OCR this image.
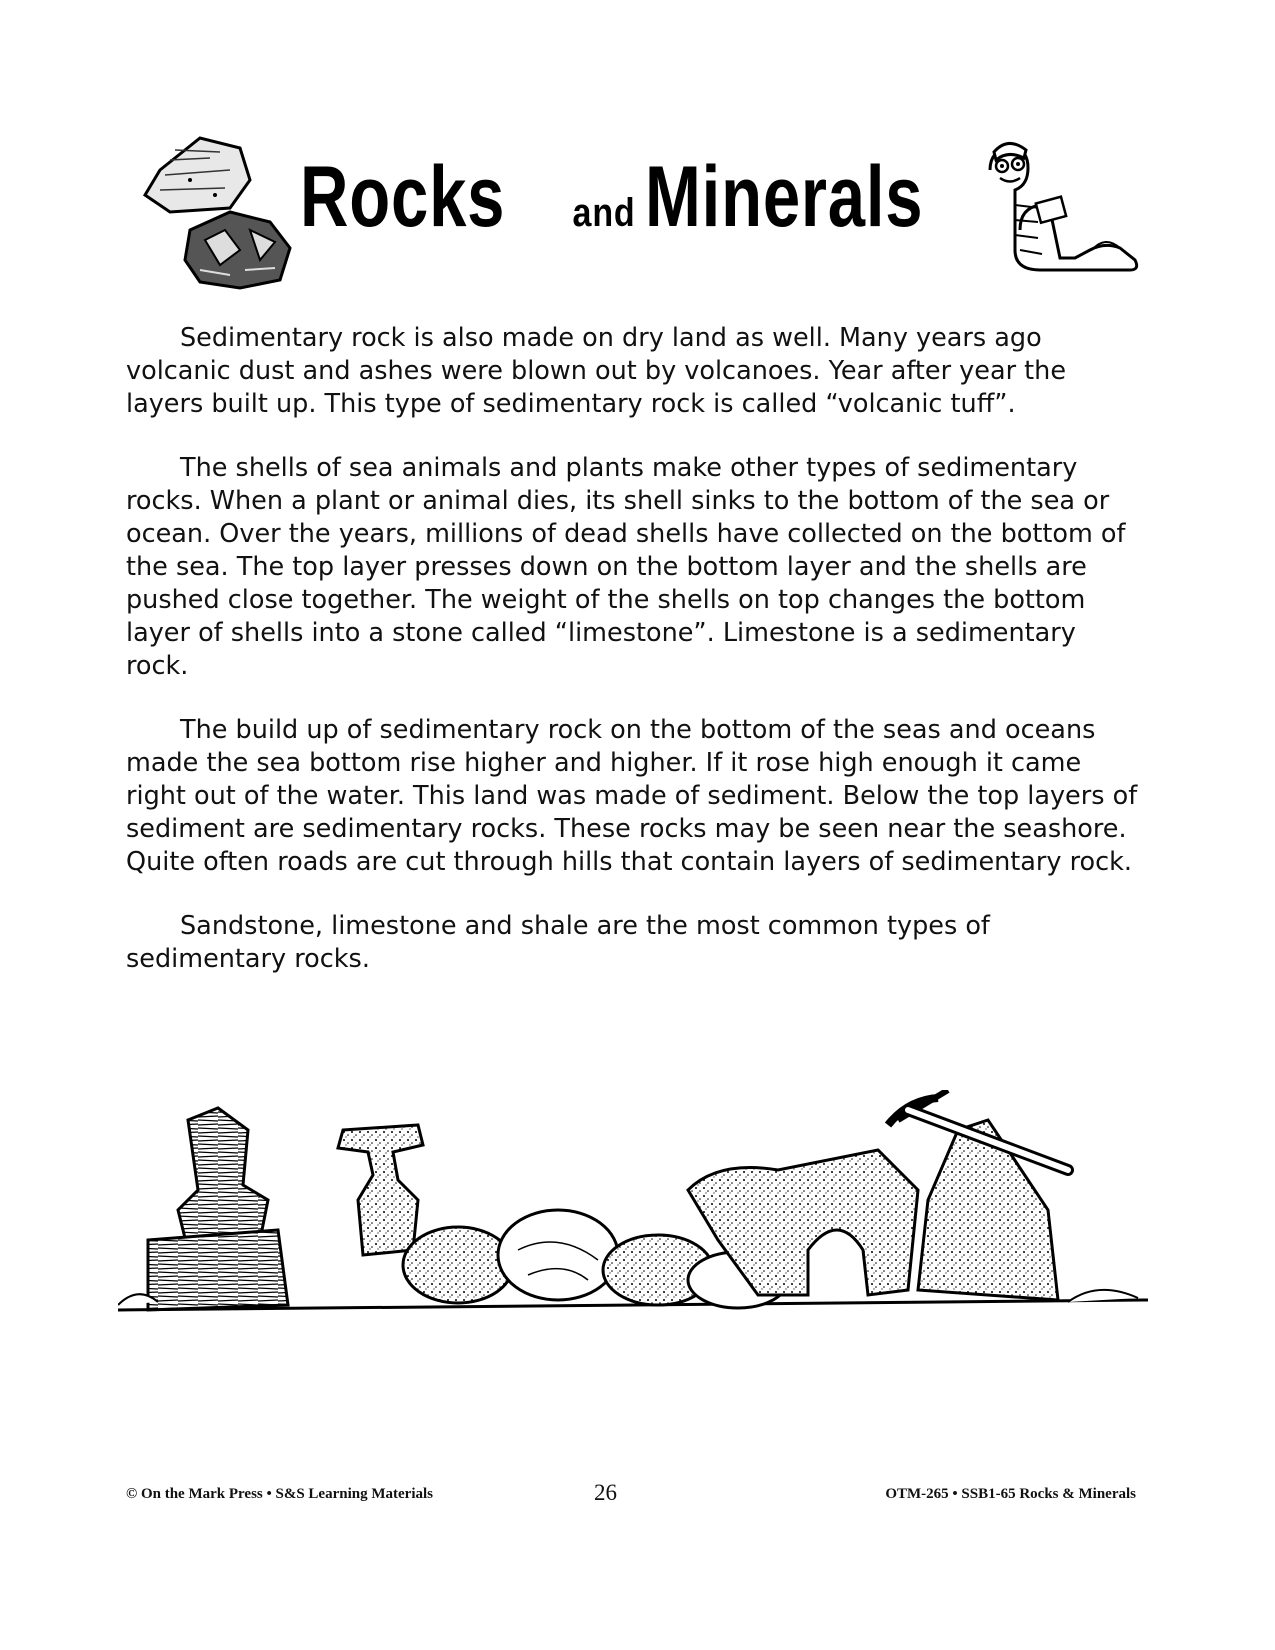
Rocks and Minerals

Sedimentary rock is also made on dry land as well. Many years ago volcanic dust and ashes were blown out by volcanoes. Year after year the layers built up. This type of sedimentary rock is called “volcanic tuff”.

The shells of sea animals and plants make other types of sedimentary rocks. When a plant or animal dies, its shell sinks to the bottom of the sea or ocean. Over the years, millions of dead shells have collected on the bottom of the sea. The top layer presses down on the bottom layer and the shells are pushed close together. The weight of the shells on top changes the bottom layer of shells into a stone called “limestone”. Limestone is a sedimentary rock.

The build up of sedimentary rock on the bottom of the seas and oceans made the sea bottom rise higher and higher. If it rose high enough it came right out of the water. This land was made of sediment. Below the top layers of sediment are sedimentary rocks. These rocks may be seen near the seashore. Quite often roads are cut through hills that contain layers of sedimentary rock.

Sandstone, limestone and shale are the most common types of sedimentary rocks.

© On the Mark Press • S&S Learning Materials	26	OTM-265 • SSB1-65 Rocks & Minerals
